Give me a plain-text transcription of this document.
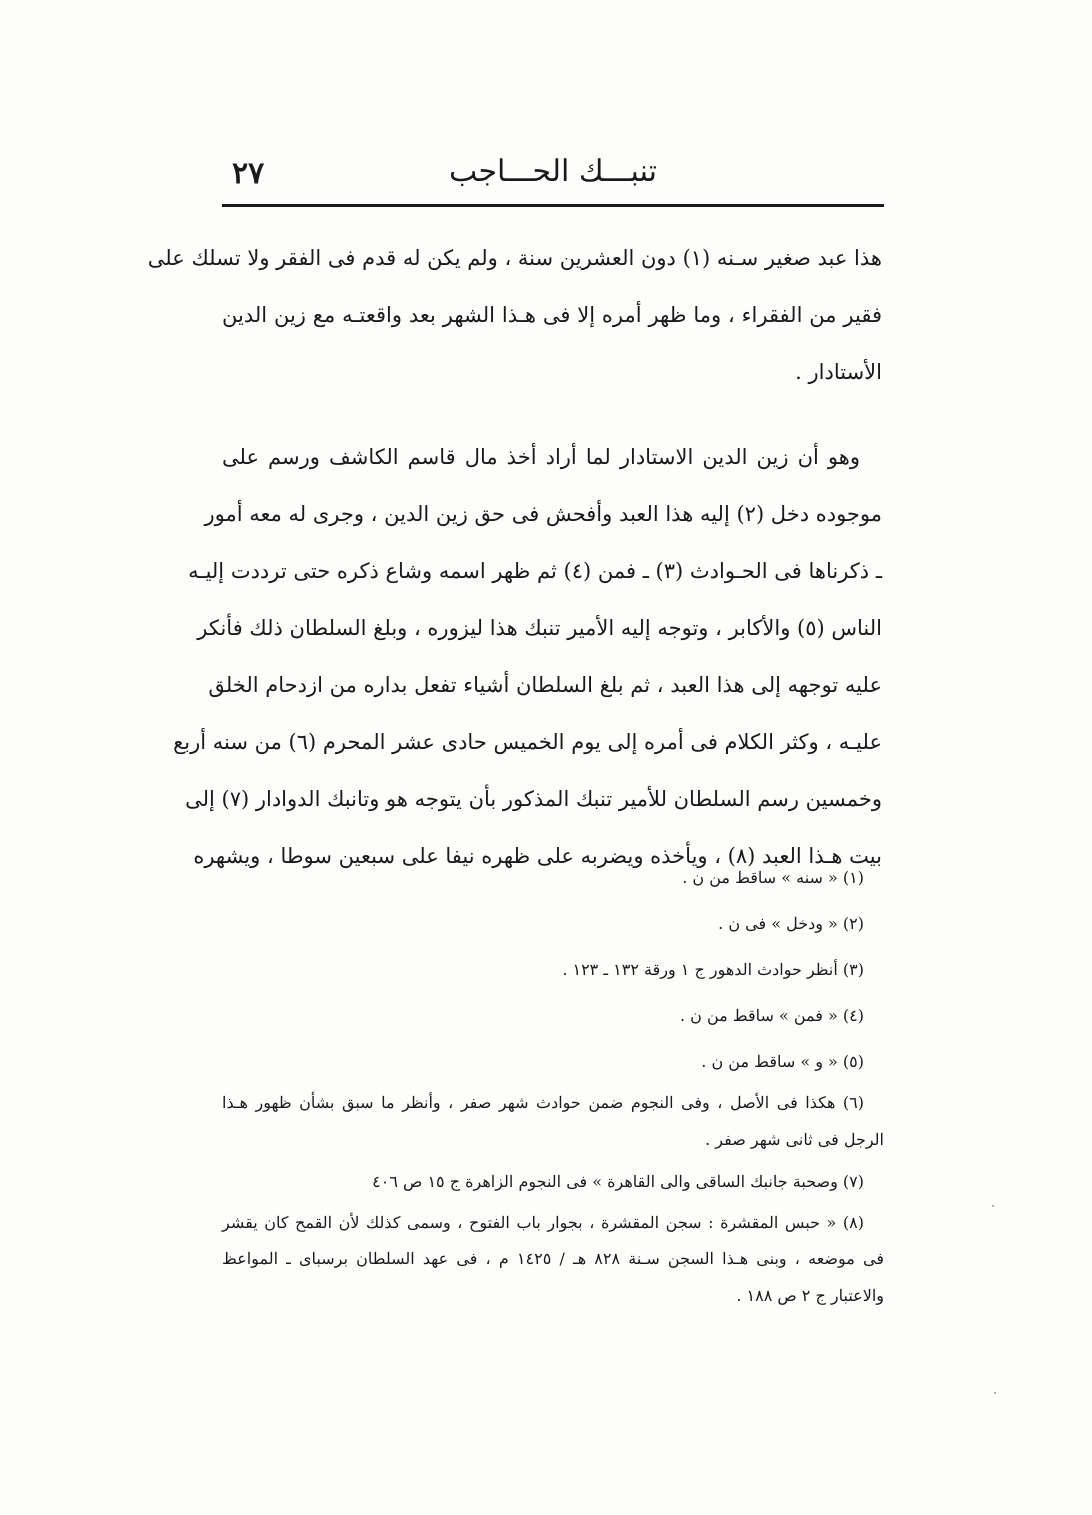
٢٧	تنبـــك الحـــاجب
هذا عبد صغير سـنه (١) دون العشرين سنة ، ولم يكن له قدم فى الفقر ولا تسلك على
فقير من الفقراء ، وما ظهر أمره إلا فى هـذا الشهر بعد واقعتـه مع زين الدين
الأستادار .
وهو أن زين الدين الاستادار لما أراد أخذ مال قاسم الكاشف ورسم على
موجوده دخل (٢) إليه هذا العبد وأفحش فى حق زين الدين ، وجرى له معه أمور
ـ ذكرناها فى الحـوادث (٣) ـ فمن (٤) ثم ظهر اسمه وشاع ذكره حتى ترددت إليـه
الناس (٥) والأكابر ، وتوجه إليه الأمير تنبك هذا ليزوره ، وبلغ السلطان ذلك فأنكر
عليه توجهه إلى هذا العبد ، ثم بلغ السلطان أشياء تفعل بداره من ازدحام الخلق
عليـه ، وكثر الكلام فى أمره إلى يوم الخميس حادى عشر المحرم (٦) من سنه أربع
وخمسين رسم السلطان للأمير تنبك المذكور بأن يتوجه هو وتانبك الدوادار (٧) إلى
بيت هـذا العبد (٨) ، ويأخذه ويضربه على ظهره نيفا على سبعين سوطا ، ويشهره
(١) « سنه » ساقط من ن .
(٢) « ودخل » فى ن .
(٣) أنظر حوادث الدهور ج ١ ورقة ١٣٢ ـ ١٢٣ .
(٤) « فمن » ساقط من ن .
(٥) « و » ساقط من ن .
(٦) هكذا فى الأصل ، وفى النجوم ضمن حوادث شهر صفر ، وأنظر ما سبق بشأن ظهور هـذا
الرجل فى ثانى شهر صفر .
(٧) وصحبة جانبك الساقى والى القاهرة » فى النجوم الزاهرة ج ١٥ ص ٤٠٦
(٨) « حبس المقشرة : سجن المقشرة ، بجوار باب الفتوح ، وسمى كذلك لأن القمح كان يقشر
فى موضعه ، وبنى هـذا السجن سـنة ٨٢٨ هـ / ١٤٢٥ م ، فى عهد السلطان برسباى ـ المواعظ
والاعتبار ج ٢ ص ١٨٨ .
